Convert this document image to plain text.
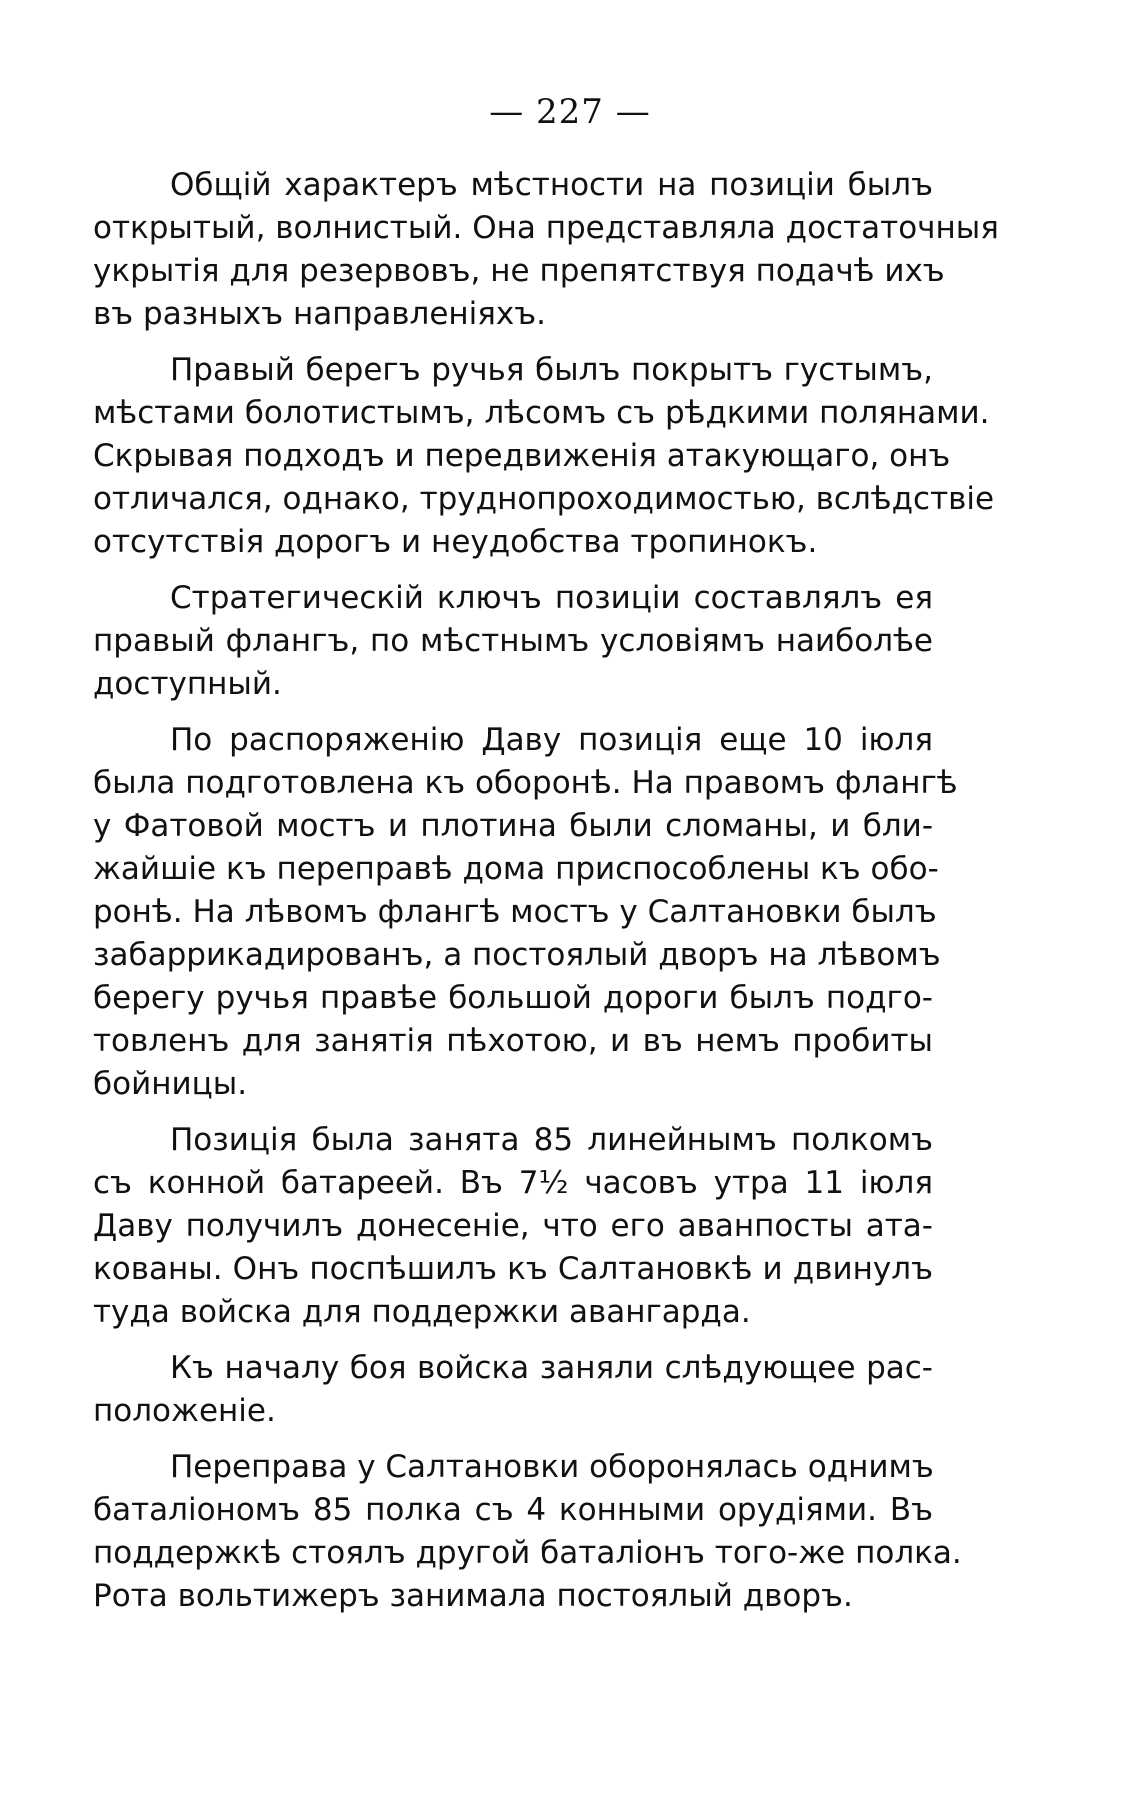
— 227 —

Общій характеръ мѣстности на позиціи былъ
открытый, волнистый. Она представляла достаточныя
укрытія для резервовъ, не препятствуя подачѣ ихъ
въ разныхъ направленіяхъ.

Правый берегъ ручья былъ покрытъ густымъ,
мѣстами болотистымъ, лѣсомъ съ рѣдкими полянами.
Скрывая подходъ и передвиженія атакующаго, онъ
отличался, однако, труднопроходимостью, вслѣдствіе
отсутствія дорогъ и неудобства тропинокъ.

Стратегическій ключъ позиціи составлялъ ея
правый флангъ, по мѣстнымъ условіямъ наиболѣе
доступный.

По распоряженію Даву позиція еще 10 іюля
была подготовлена къ оборонѣ. На правомъ флангѣ
у Фатовой мостъ и плотина были сломаны, и бли-
жайшіе къ переправѣ дома приспособлены къ обо-
ронѣ. На лѣвомъ флангѣ мостъ у Салтановки былъ
забаррикадированъ, а постоялый дворъ на лѣвомъ
берегу ручья правѣе большой дороги былъ подго-
товленъ для занятія пѣхотою, и въ немъ пробиты
бойницы.

Позиція была занята 85 линейнымъ полкомъ
съ конной батареей. Въ 7½ часовъ утра 11 іюля
Даву получилъ донесеніе, что его аванпосты ата-
кованы. Онъ поспѣшилъ къ Салтановкѣ и двинулъ
туда войска для поддержки авангарда.

Къ началу боя войска заняли слѣдующее рас-
положеніе.

Переправа у Салтановки оборонялась однимъ
баталіономъ 85 полка съ 4 конными орудіями. Въ
поддержкѣ стоялъ другой баталіонъ того-же полка.
Рота вольтижеръ занимала постоялый дворъ.
